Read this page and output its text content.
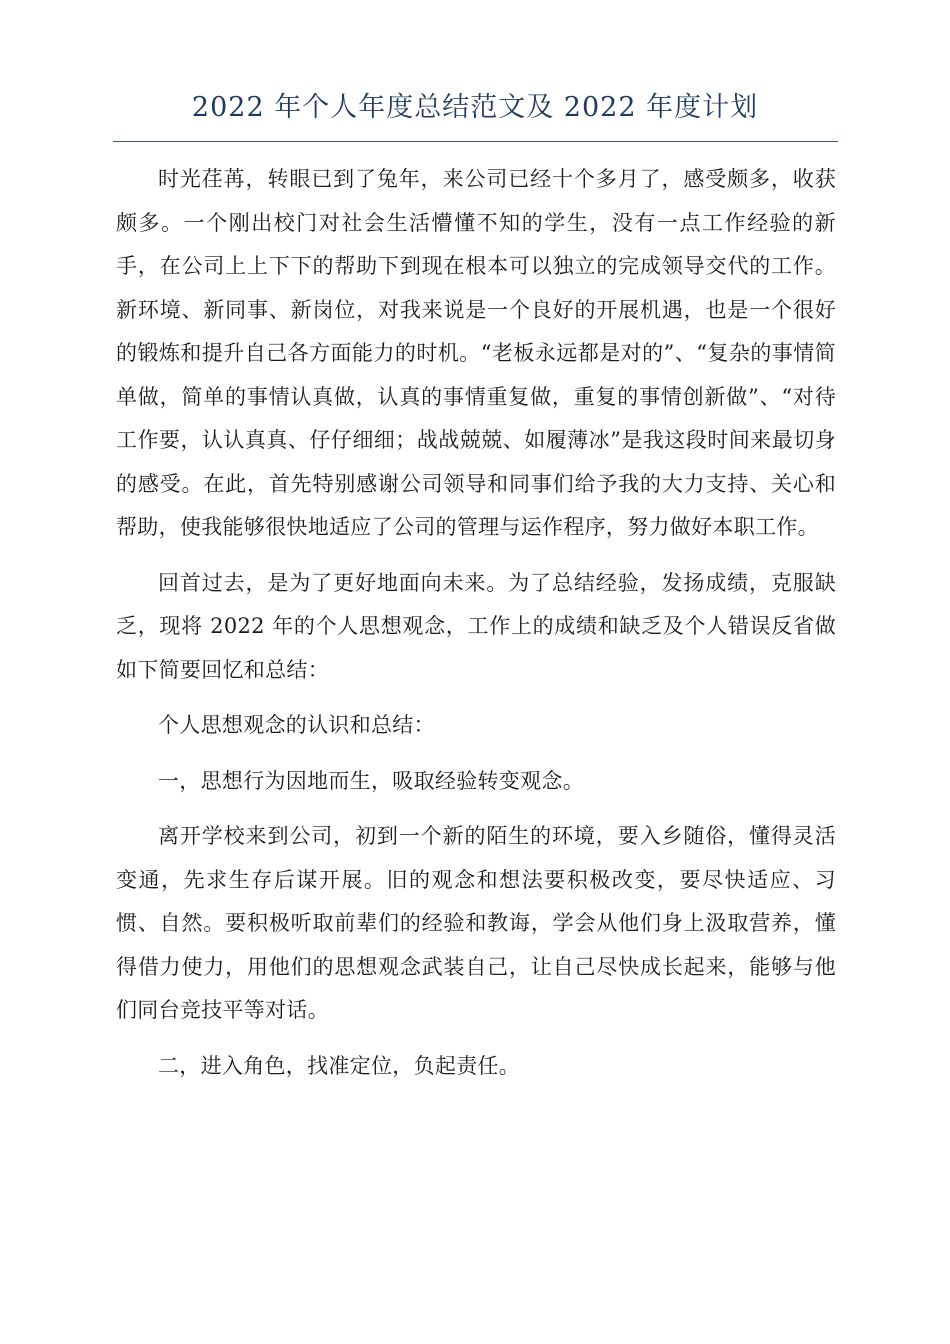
2022 年个人年度总结范文及 2022 年度计划

时光荏苒，转眼已到了兔年，来公司已经十个多月了，感受颇多，收获颇多。一个刚出校门对社会生活懵懂不知的学生，没有一点工作经验的新手，在公司上上下下的帮助下到现在根本可以独立的完成领导交代的工作。新环境、新同事、新岗位，对我来说是一个良好的开展机遇，也是一个很好的锻炼和提升自己各方面能力的时机。“老板永远都是对的”、“复杂的事情简单做，简单的事情认真做，认真的事情重复做，重复的事情创新做”、“对待工作要，认认真真、仔仔细细；战战兢兢、如履薄冰”是我这段时间来最切身的感受。在此，首先特别感谢公司领导和同事们给予我的大力支持、关心和帮助，使我能够很快地适应了公司的管理与运作程序，努力做好本职工作。

回首过去，是为了更好地面向未来。为了总结经验，发扬成绩，克服缺乏，现将 2022 年的个人思想观念，工作上的成绩和缺乏及个人错误反省做如下简要回忆和总结：

个人思想观念的认识和总结：

一，思想行为因地而生，吸取经验转变观念。

离开学校来到公司，初到一个新的陌生的环境，要入乡随俗，懂得灵活变通，先求生存后谋开展。旧的观念和想法要积极改变，要尽快适应、习惯、自然。要积极听取前辈们的经验和教诲，学会从他们身上汲取营养，懂得借力使力，用他们的思想观念武装自己，让自己尽快成长起来，能够与他们同台竞技平等对话。

二，进入角色，找准定位，负起责任。
